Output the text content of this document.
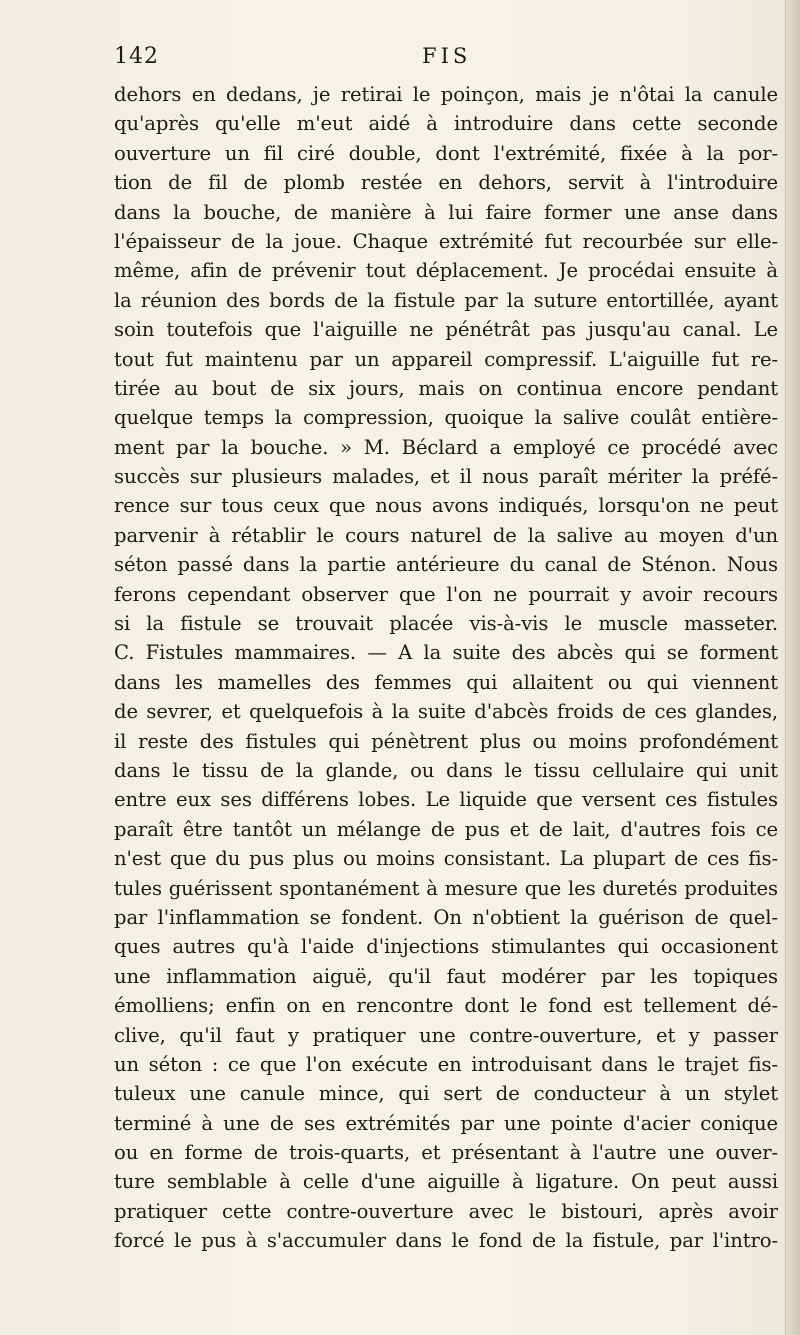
142	FIS
dehors en dedans, je retirai le poinçon, mais je n'ôtai la canule
qu'après qu'elle m'eut aidé à introduire dans cette seconde
ouverture un fil ciré double, dont l'extrémité, fixée à la por-
tion de fil de plomb restée en dehors, servit à l'introduire
dans la bouche, de manière à lui faire former une anse dans
l'épaisseur de la joue. Chaque extrémité fut recourbée sur elle-
même, afin de prévenir tout déplacement. Je procédai ensuite à
la réunion des bords de la fistule par la suture entortillée, ayant
soin toutefois que l'aiguille ne pénétrât pas jusqu'au canal. Le
tout fut maintenu par un appareil compressif. L'aiguille fut re-
tirée au bout de six jours, mais on continua encore pendant
quelque temps la compression, quoique la salive coulât entière-
ment par la bouche. » M. Béclard a employé ce procédé avec
succès sur plusieurs malades, et il nous paraît mériter la préfé-
rence sur tous ceux que nous avons indiqués, lorsqu'on ne peut
parvenir à rétablir le cours naturel de la salive au moyen d'un
séton passé dans la partie antérieure du canal de Sténon. Nous
ferons cependant observer que l'on ne pourrait y avoir recours
si la fistule se trouvait placée vis-à-vis le muscle masseter.
C. Fistules mammaires. — A la suite des abcès qui se forment
dans les mamelles des femmes qui allaitent ou qui viennent
de sevrer, et quelquefois à la suite d'abcès froids de ces glandes,
il reste des fistules qui pénètrent plus ou moins profondément
dans le tissu de la glande, ou dans le tissu cellulaire qui unit
entre eux ses différens lobes. Le liquide que versent ces fistules
paraît être tantôt un mélange de pus et de lait, d'autres fois ce
n'est que du pus plus ou moins consistant. La plupart de ces fis-
tules guérissent spontanément à mesure que les duretés produites
par l'inflammation se fondent. On n'obtient la guérison de quel-
ques autres qu'à l'aide d'injections stimulantes qui occasionent
une inflammation aiguë, qu'il faut modérer par les topiques
émolliens; enfin on en rencontre dont le fond est tellement dé-
clive, qu'il faut y pratiquer une contre-ouverture, et y passer
un séton : ce que l'on exécute en introduisant dans le trajet fis-
tuleux une canule mince, qui sert de conducteur à un stylet
terminé à une de ses extrémités par une pointe d'acier conique
ou en forme de trois-quarts, et présentant à l'autre une ouver-
ture semblable à celle d'une aiguille à ligature. On peut aussi
pratiquer cette contre-ouverture avec le bistouri, après avoir
forcé le pus à s'accumuler dans le fond de la fistule, par l'intro-
